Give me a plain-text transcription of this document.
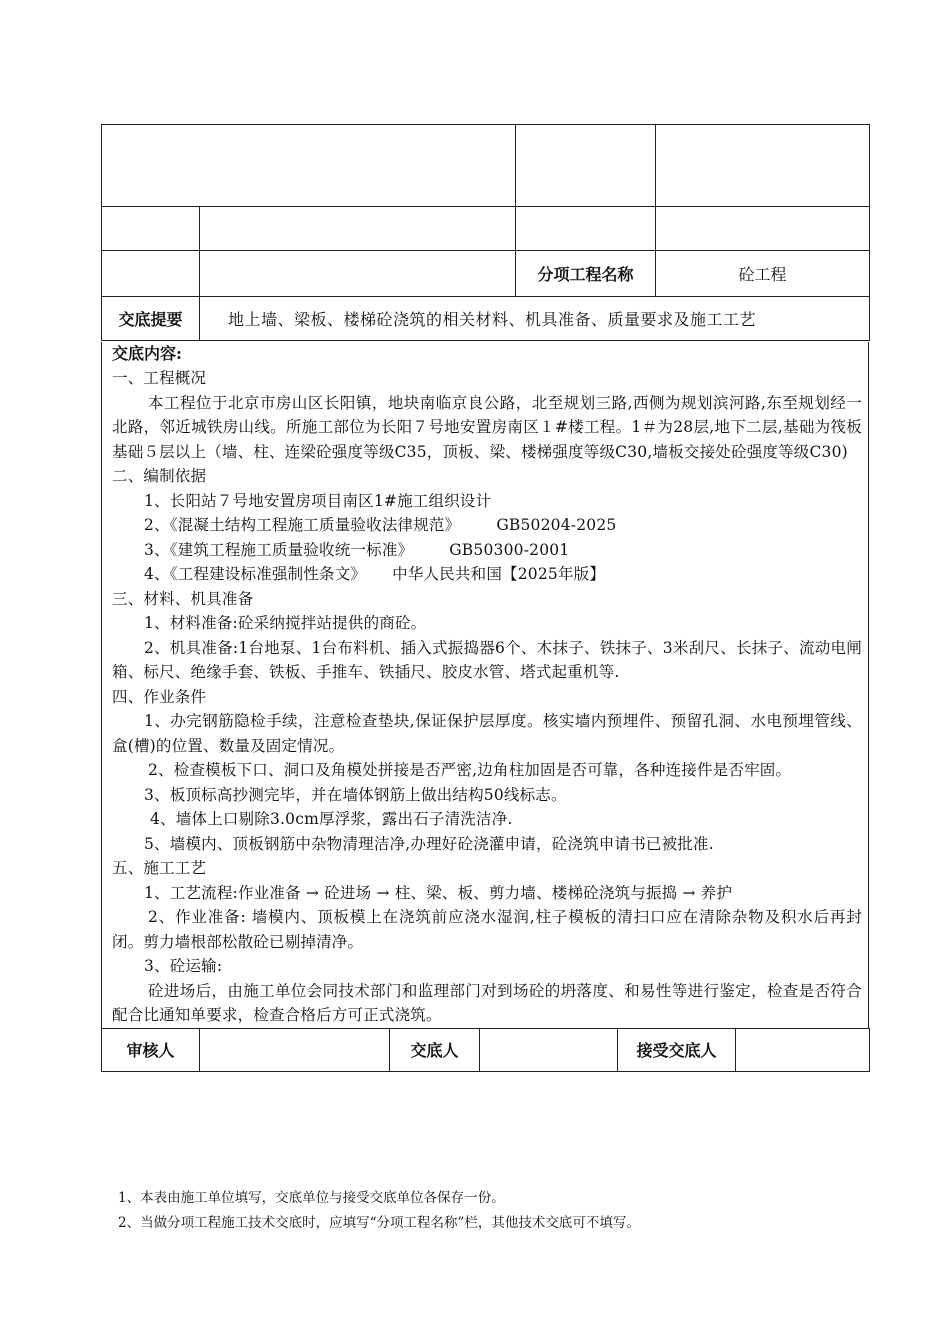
		分项工程名称	砼工程
交底提要	地上墙、梁板、楼梯砼浇筑的相关材料、机具准备、质量要求及施工工艺		
交底内容:

一、工程概况

本工程位于北京市房山区长阳镇，地块南临京良公路，北至规划三路,西侧为规划滨河路,东至规划经一北路，邻近城铁房山线。所施工部位为长阳７号地安置房南区１#楼工程。1＃为28层,地下二层,基础为筏板基础５层以上（墙、柱、连梁砼强度等级C35，顶板、梁、楼梯强度等级C30,墙板交接处砼强度等级C30)

二、编制依据

1、长阳站７号地安置房项目南区1#施工组织设计

2、《混凝土结构工程施工质量验收法律规范》 GB50204-2025

3、《建筑工程施工质量验收统一标准》 GB50300-2001

4、《工程建设标准强制性条文》 中华人民共和国【2025年版】

三、材料、机具准备

1、材料准备:砼采纳搅拌站提供的商砼。

2、机具准备:1台地泵、1台布料机、插入式振捣器6个、木抹子、铁抹子、3米刮尺、长抹子、流动电闸箱、标尺、绝缘手套、铁板、手推车、铁插尺、胶皮水管、塔式起重机等.

四、作业条件

1、办完钢筋隐检手续，注意检查垫块,保证保护层厚度。核实墙内预埋件、预留孔洞、水电预埋管线、盒(槽)的位置、数量及固定情况。

2、检查模板下口、洞口及角模处拼接是否严密,边角柱加固是否可靠，各种连接件是否牢固。

3、板顶标高抄测完毕，并在墙体钢筋上做出结构50线标志。

4、墙体上口剔除3.0cm厚浮浆，露出石子清洗洁净.

5、墙模内、顶板钢筋中杂物清理洁净,办理好砼浇灌申请，砼浇筑申请书已被批准.

五、施工工艺

1、工艺流程:作业准备 → 砼进场 → 柱、梁、板、剪力墙、楼梯砼浇筑与振捣 → 养护

2、作业准备: 墙模内、顶板模上在浇筑前应浇水湿润,柱子模板的清扫口应在清除杂物及积水后再封闭。剪力墙根部松散砼已剔掉清净。

3、砼运输:

砼进场后，由施工单位会同技术部门和监理部门对到场砼的坍落度、和易性等进行鉴定，检查是否符合配合比通知单要求，检查合格后方可正式浇筑。

审核人		交底人		接受交底人	
1、本表由施工单位填写，交底单位与接受交底单位各保存一份。
2、当做分项工程施工技术交底时，应填写“分项工程名称”栏，其他技术交底可不填写。
